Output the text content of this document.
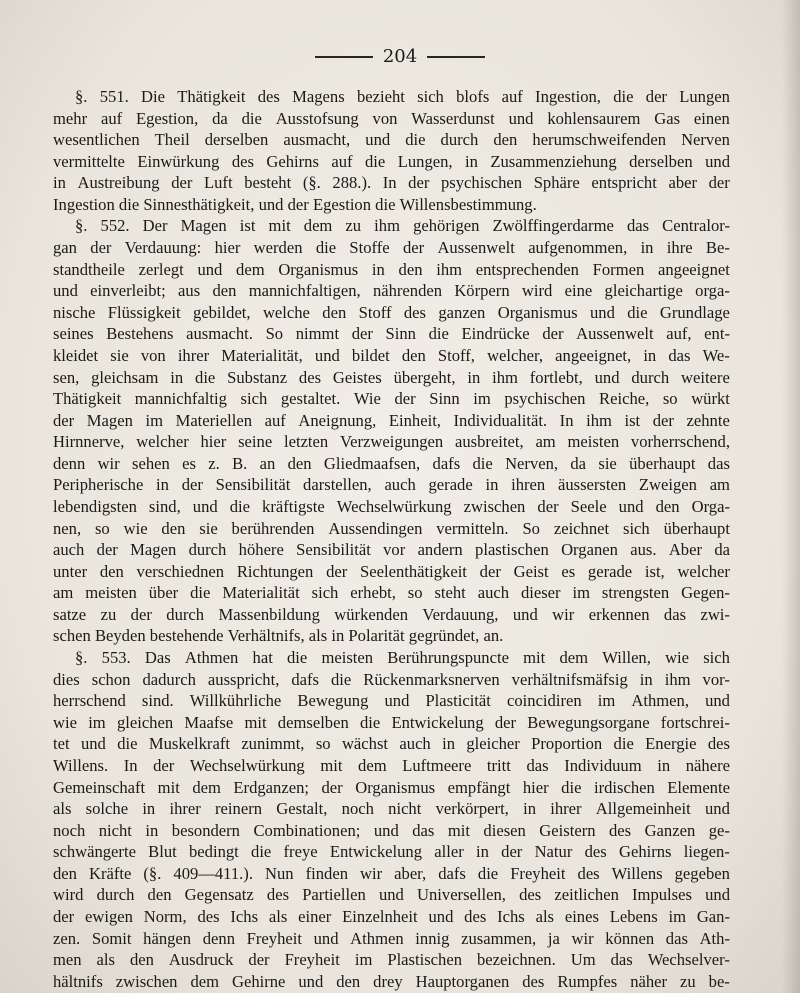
204
§. 551. Die Thätigkeit des Magens bezieht sich blofs auf Ingestion, die der Lungen
mehr auf Egestion, da die Ausstofsung von Wasserdunst und kohlensaurem Gas einen
wesentlichen Theil derselben ausmacht, und die durch den herumschweifenden Nerven
vermittelte Einwürkung des Gehirns auf die Lungen, in Zusammenziehung derselben und
in Austreibung der Luft besteht (§. 288.). In der psychischen Sphäre entspricht aber der
Ingestion die Sinnesthätigkeit, und der Egestion die Willensbestimmung.
§. 552. Der Magen ist mit dem zu ihm gehörigen Zwölffingerdarme das Centralor-
gan der Verdauung: hier werden die Stoffe der Aussenwelt aufgenommen, in ihre Be-
standtheile zerlegt und dem Organismus in den ihm entsprechenden Formen angeeignet
und einverleibt; aus den mannichfaltigen, nährenden Körpern wird eine gleichartige orga-
nische Flüssigkeit gebildet, welche den Stoff des ganzen Organismus und die Grundlage
seines Bestehens ausmacht. So nimmt der Sinn die Eindrücke der Aussenwelt auf, ent-
kleidet sie von ihrer Materialität, und bildet den Stoff, welcher, angeeignet, in das We-
sen, gleichsam in die Substanz des Geistes übergeht, in ihm fortlebt, und durch weitere
Thätigkeit mannichfaltig sich gestaltet. Wie der Sinn im psychischen Reiche, so würkt
der Magen im Materiellen auf Aneignung, Einheit, Individualität. In ihm ist der zehnte
Hirnnerve, welcher hier seine letzten Verzweigungen ausbreitet, am meisten vorherrschend,
denn wir sehen es z. B. an den Gliedmaafsen, dafs die Nerven, da sie überhaupt das
Peripherische in der Sensibilität darstellen, auch gerade in ihren äussersten Zweigen am
lebendigsten sind, und die kräftigste Wechselwürkung zwischen der Seele und den Orga-
nen, so wie den sie berührenden Aussendingen vermitteln. So zeichnet sich überhaupt
auch der Magen durch höhere Sensibilität vor andern plastischen Organen aus. Aber da
unter den verschiednen Richtungen der Seelenthätigkeit der Geist es gerade ist, welcher
am meisten über die Materialität sich erhebt, so steht auch dieser im strengsten Gegen-
satze zu der durch Massenbildung würkenden Verdauung, und wir erkennen das zwi-
schen Beyden bestehende Verhältnifs, als in Polarität gegründet, an.
§. 553. Das Athmen hat die meisten Berührungspuncte mit dem Willen, wie sich
dies schon dadurch ausspricht, dafs die Rückenmarksnerven verhältnifsmäfsig in ihm vor-
herrschend sind. Willkührliche Bewegung und Plasticität coincidiren im Athmen, und
wie im gleichen Maafse mit demselben die Entwickelung der Bewegungsorgane fortschrei-
tet und die Muskelkraft zunimmt, so wächst auch in gleicher Proportion die Energie des
Willens. In der Wechselwürkung mit dem Luftmeere tritt das Individuum in nähere
Gemeinschaft mit dem Erdganzen; der Organismus empfängt hier die irdischen Elemente
als solche in ihrer reinern Gestalt, noch nicht verkörpert, in ihrer Allgemeinheit und
noch nicht in besondern Combinationen; und das mit diesen Geistern des Ganzen ge-
schwängerte Blut bedingt die freye Entwickelung aller in der Natur des Gehirns liegen-
den Kräfte (§. 409—411.). Nun finden wir aber, dafs die Freyheit des Willens gegeben
wird durch den Gegensatz des Partiellen und Universellen, des zeitlichen Impulses und
der ewigen Norm, des Ichs als einer Einzelnheit und des Ichs als eines Lebens im Gan-
zen. Somit hängen denn Freyheit und Athmen innig zusammen, ja wir können das Ath-
men als den Ausdruck der Freyheit im Plastischen bezeichnen. Um das Wechselver-
hältnifs zwischen dem Gehirne und den drey Hauptorganen des Rumpfes näher zu be-
